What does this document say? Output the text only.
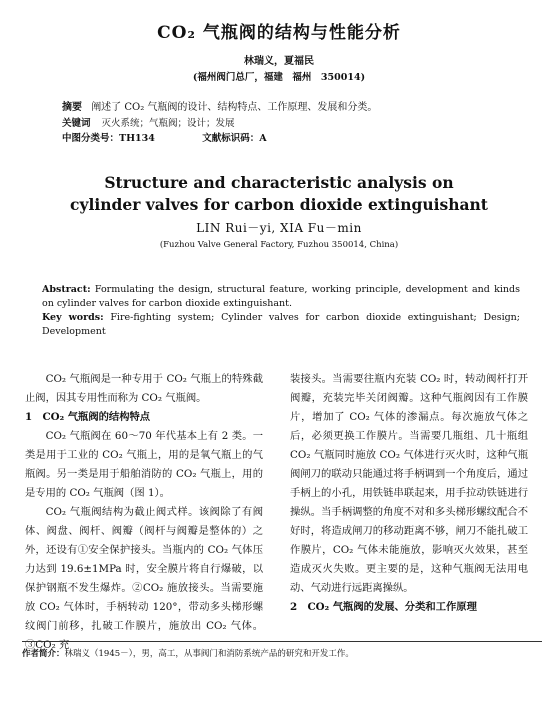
CO₂ 气瓶阀的结构与性能分析
林瑞义，夏福民
(福州阀门总厂，福建　福州　350014)
摘要 阐述了 CO₂ 气瓶阀的设计、结构特点、工作原理、发展和分类。
关键词 灭火系统；气瓶阀；设计；发展
中图分类号：TH134	文献标识码：A
Structure and characteristic analysis on cylinder valves for carbon dioxide extinguishant
LIN Rui－yi, XIA Fu－min
(Fuzhou Valve General Factory, Fuzhou 350014, China)
Abstract: Formulating the design, structural feature, working principle, development and kinds on cylinder valves for carbon dioxide extinguishant.
Key words: Fire-fighting system; Cylinder valves for carbon dioxide extinguishant; Design; Development

CO₂ 气瓶阀是一种专用于 CO₂ 气瓶上的特殊截止阀，因其专用性而称为 CO₂ 气瓶阀。

1　CO₂ 气瓶阀的结构特点

CO₂ 气瓶阀在 60～70 年代基本上有 2 类。一类是用于工业的 CO₂ 气瓶上，用的是氧气瓶上的气瓶阀。另一类是用于船舶消防的 CO₂ 气瓶上，用的是专用的 CO₂ 气瓶阀（图 1）。

CO₂ 气瓶阀结构为截止阀式样。该阀除了有阀体、阀盘、阀杆、阀瓣（阀杆与阀瓣是整体的）之外，还设有①安全保护接头。当瓶内的 CO₂ 气体压力达到 19.6±1MPa 时，安全膜片将自行爆破，以保护钢瓶不发生爆炸。②CO₂ 施放接头。当需要施放 CO₂ 气体时，手柄转动 120°，带动多头梯形螺纹阀门前移，扎破工作膜片，施放出 CO₂ 气体。③CO₂ 充

装接头。当需要往瓶内充装 CO₂ 时，转动阀杆打开阀瓣，充装完毕关闭阀瓣。这种气瓶阀因有工作膜片，增加了 CO₂ 气体的渗漏点。每次施放气体之后，必须更换工作膜片。当需要几瓶组、几十瓶组 CO₂ 气瓶同时施放 CO₂ 气体进行灭火时，这种气瓶阀闸刀的联动只能通过将手柄调到一个角度后，通过手柄上的小孔，用铁链串联起来，用手拉动铁链进行操纵。当手柄调整的角度不对和多头梯形螺纹配合不好时，将造成闸刀的移动距离不够，闸刀不能扎破工作膜片，CO₂ 气体未能施放，影响灭火效果，甚至造成灭火失败。更主要的是，这种气瓶阀无法用电动、气动进行远距离操纵。

2　CO₂ 气瓶阀的发展、分类和工作原理

作者简介：林瑞义（1945－），男，高工，从事阀门和消防系统产品的研究和开发工作。
